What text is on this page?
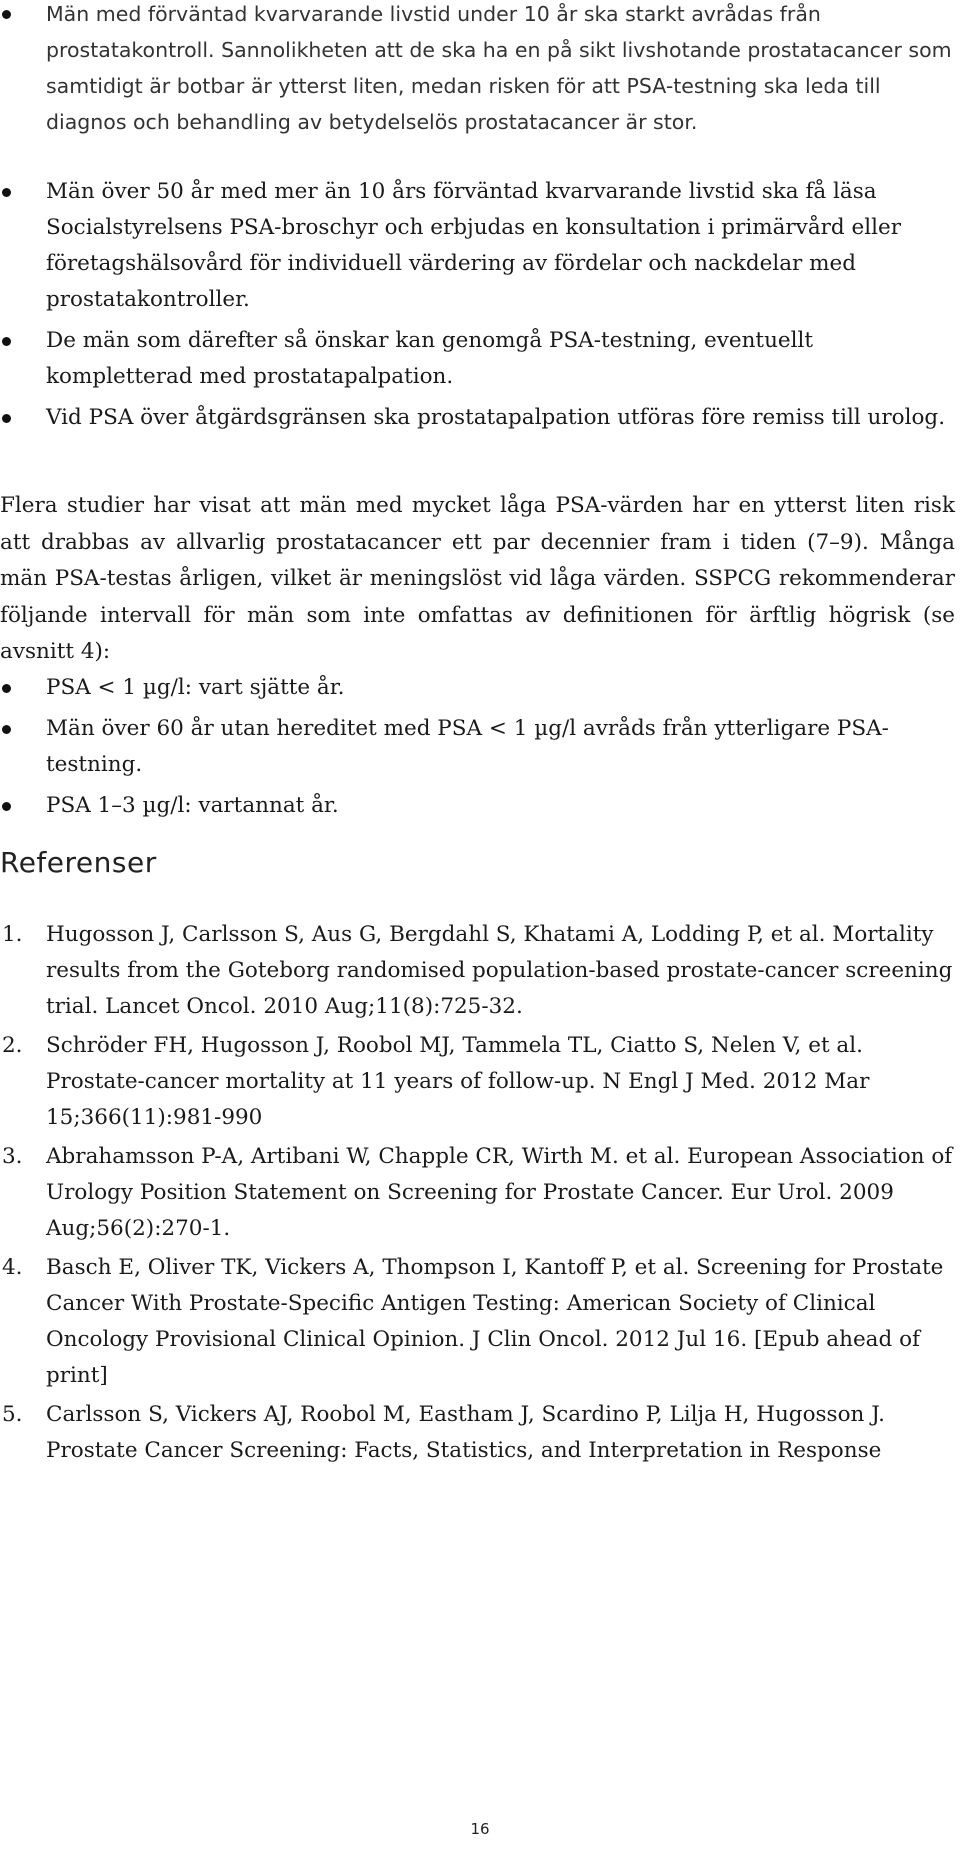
Män med förväntad kvarvarande livstid under 10 år ska starkt avrådas från prostatakontroll. Sannolikheten att de ska ha en på sikt livshotande prostatacancer som samtidigt är botbar är ytterst liten, medan risken för att PSA-testning ska leda till diagnos och behandling av betydelselös prostatacancer är stor.
Män över 50 år med mer än 10 års förväntad kvarvarande livstid ska få läsa Socialstyrelsens PSA-broschyr och erbjudas en konsultation i primärvård eller företagshälsovård för individuell värdering av fördelar och nackdelar med prostatakontroller.
De män som därefter så önskar kan genomgå PSA-testning, eventuellt kompletterad med prostatapalpation.
Vid PSA över åtgärdsgränsen ska prostatapalpation utföras före remiss till urolog.

Flera studier har visat att män med mycket låga PSA-värden har en ytterst liten risk att drabbas av allvarlig prostatacancer ett par decennier fram i tiden (7–9). Många män PSA-testas årligen, vilket är meningslöst vid låga värden. SSPCG rekommenderar följande intervall för män som inte omfattas av definitionen för ärftlig högrisk (se avsnitt 4):

PSA < 1 µg/l: vart sjätte år.
Män över 60 år utan hereditet med PSA < 1 µg/l avråds från ytterligare PSA-testning.
PSA 1–3 µg/l: vartannat år.
Referenser
1. Hugosson J, Carlsson S, Aus G, Bergdahl S, Khatami A, Lodding P, et al. Mortality results from the Goteborg randomised population-based prostate-cancer screening trial. Lancet Oncol. 2010 Aug;11(8):725-32.
2. Schröder FH, Hugosson J, Roobol MJ, Tammela TL, Ciatto S, Nelen V, et al. Prostate-cancer mortality at 11 years of follow-up. N Engl J Med. 2012 Mar 15;366(11):981-990
3. Abrahamsson P-A, Artibani W, Chapple CR, Wirth M. et al. European Association of Urology Position Statement on Screening for Prostate Cancer. Eur Urol. 2009 Aug;56(2):270-1.
4. Basch E, Oliver TK, Vickers A, Thompson I, Kantoff P, et al. Screening for Prostate Cancer With Prostate-Specific Antigen Testing: American Society of Clinical Oncology Provisional Clinical Opinion. J Clin Oncol. 2012 Jul 16. [Epub ahead of print]
5. Carlsson S, Vickers AJ, Roobol M, Eastham J, Scardino P, Lilja H, Hugosson J. Prostate Cancer Screening: Facts, Statistics, and Interpretation in Response
16
